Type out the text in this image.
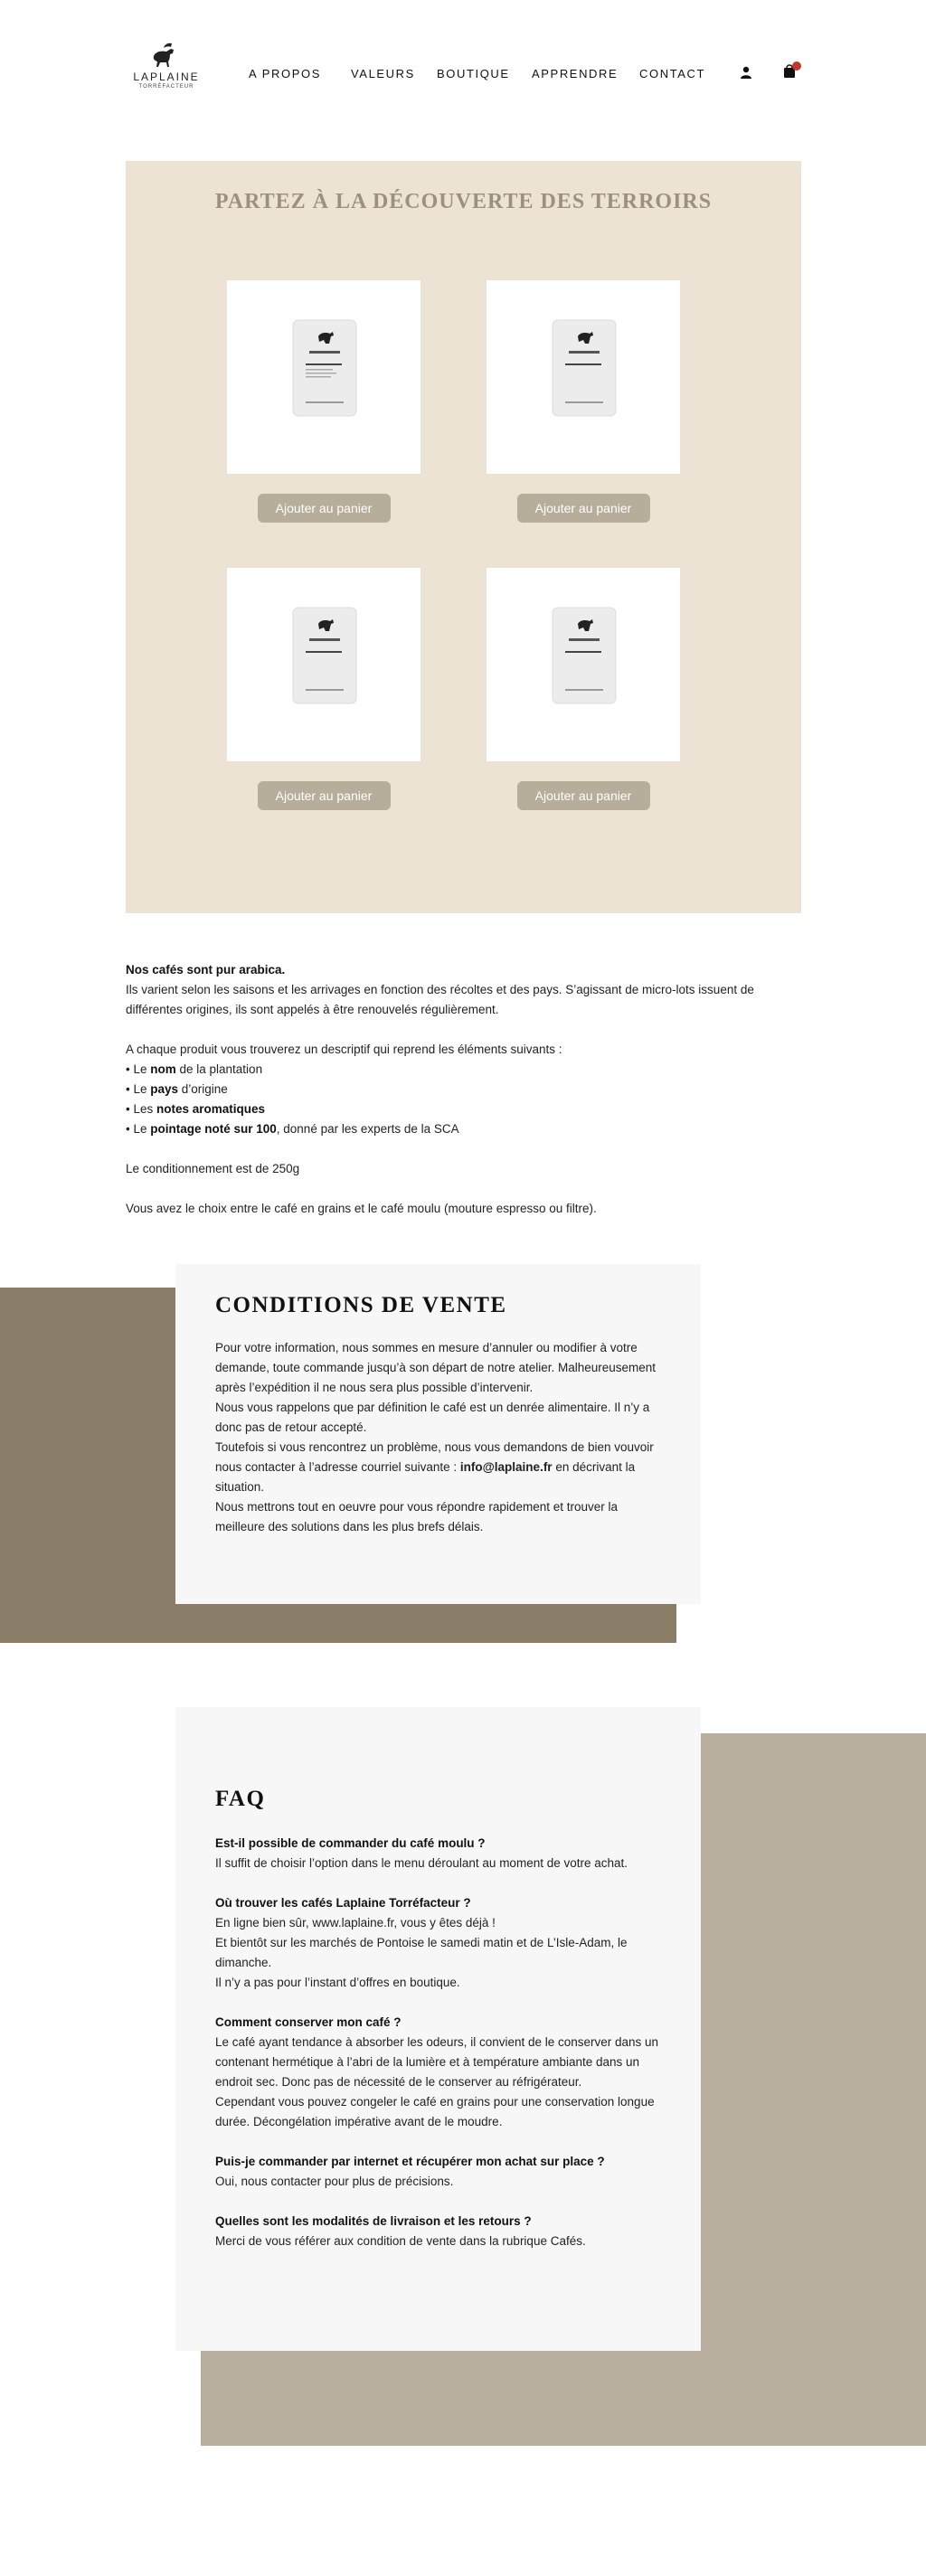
LAPLAINE
TORRÉFACTEUR
A PROPOS	VALEURS BOUTIQUE APPRENDRE CONTACT
PARTEZ À LA DÉCOUVERTE DES TERROIRS
Ajouter au panier	Ajouter au panier
Ajouter au panier	Ajouter au panier

Nos cafés sont pur arabica.

Ils varient selon les saisons et les arrivages en fonction des récoltes et des pays. S’agissant de micro-lots issuent de

différentes origines, ils sont appelés à être renouvelés régulièrement.

A chaque produit vous trouverez un descriptif qui reprend les éléments suivants :

• Le nom de la plantation

• Le pays d’origine

• Les notes aromatiques

• Le pointage noté sur 100, donné par les experts de la SCA

Le conditionnement est de 250g

Vous avez le choix entre le café en grains et le café moulu (mouture espresso ou filtre).

CONDITIONS DE VENTE

Pour votre information, nous sommes en mesure d’annuler ou modifier à votre demande, toute commande jusqu’à son départ de notre atelier. Malheureusement après l’expédition il ne nous sera plus possible d’intervenir.

Nous vous rappelons que par définition le café est un denrée alimentaire. Il n’y a donc pas de retour accepté.

Toutefois si vous rencontrez un problème, nous vous demandons de bien vouvoir nous contacter à l’adresse courriel suivante : info@laplaine.fr en décrivant la situation.

Nous mettrons tout en oeuvre pour vous répondre rapidement et trouver la meilleure des solutions dans les plus brefs délais.

FAQ

Est-il possible de commander du café moulu ?

Il suffit de choisir l’option dans le menu déroulant au moment de votre achat.

Où trouver les cafés Laplaine Torréfacteur ?

En ligne bien sûr, www.laplaine.fr, vous y êtes déjà !

Et bientôt sur les marchés de Pontoise le samedi matin et de L’Isle-Adam, le dimanche.

Il n’y a pas pour l’instant d’offres en boutique.

Comment conserver mon café ?

Le café ayant tendance à absorber les odeurs, il convient de le conserver dans un contenant hermétique à l’abri de la lumière et à température ambiante dans un endroit sec. Donc pas de nécessité de le conserver au réfrigérateur.

Cependant vous pouvez congeler le café en grains pour une conservation longue durée. Décongélation impérative avant de le moudre.

Puis-je commander par internet et récupérer mon achat sur place ?

Oui, nous contacter pour plus de précisions.

Quelles sont les modalités de livraison et les retours ?

Merci de vous référer aux condition de vente dans la rubrique Cafés.
